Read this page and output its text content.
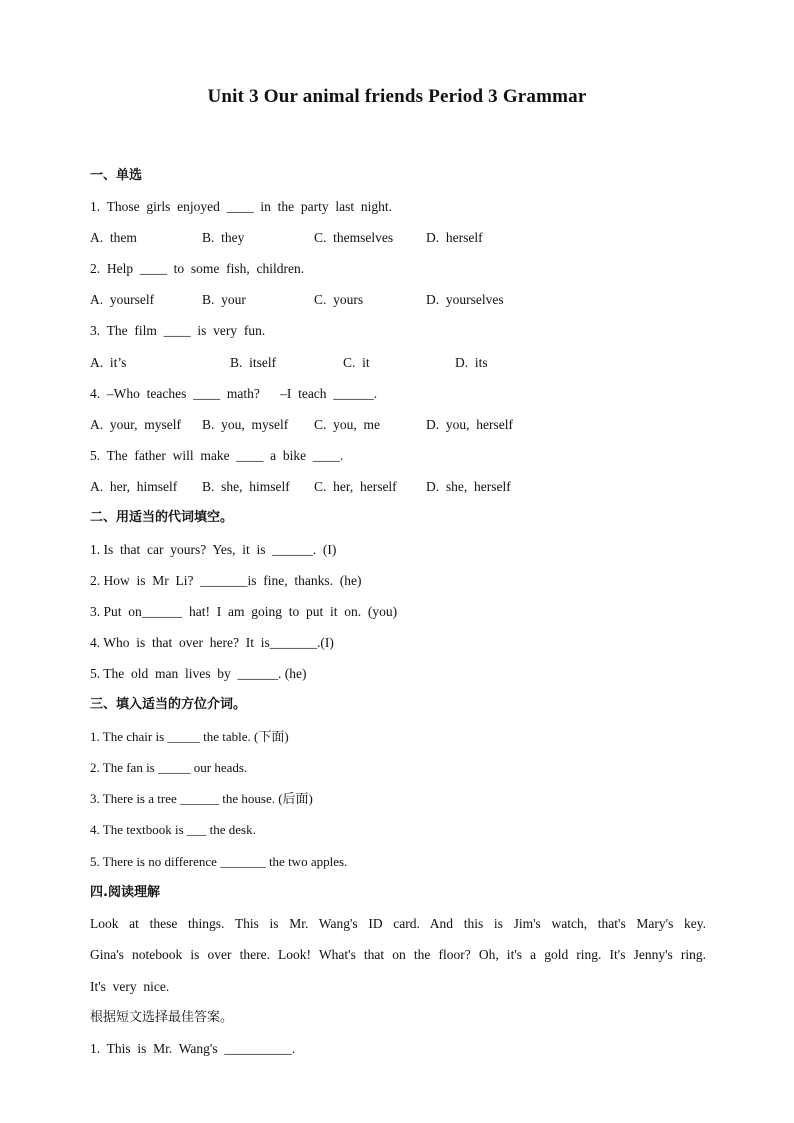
Unit 3 Our animal friends Period 3 Grammar
一、单选
1.  Those  girls  enjoyed  ____  in  the  party  last  night.
A.  them	B.  they	C.  themselves D.  herself
2.  Help  ____  to  some  fish,  children.
A.  yourself	B.  your	C.  yours	D.  yourselves
3.  The  film  ____  is  very  fun.
A.  it’s	B.  itself	C.  it	D.  its
4.  –Who  teaches  ____  math?      –I  teach  ______.
A.  your,  myself B.  you,  myself C.  you,  me	D.  you,  herself
5.  The  father  will  make  ____  a  bike  ____.
A.  her,  himself B.  she,  himself C.  her,  herself D.  she,  herself
二、用适当的代词填空。
1. Is  that  car  yours?  Yes,  it  is  ______.  (I)
2. How  is  Mr  Li?  _______is  fine,  thanks.  (he)
3. Put  on______  hat!  I  am  going  to  put  it  on.  (you)
4. Who  is  that  over  here?  It  is_______.(I)
5. The  old  man  lives  by  ______. (he)
三、填入适当的方位介词。
1. The chair is _____ the table. (下面)
2. The fan is _____ our heads.
3. There is a tree ______ the house. (后面)
4. The textbook is ___ the desk.
5. There is no difference _______ the two apples.
四.阅读理解
Look at these things. This is Mr. Wang's ID card. And this is Jim's watch, that's Mary's key.
Gina's notebook is over there. Look! What's that on the floor? Oh, it's a gold ring. It's Jenny's ring.
It's  very  nice.
根据短文选择最佳答案。
1.  This  is  Mr.  Wang's  __________.
